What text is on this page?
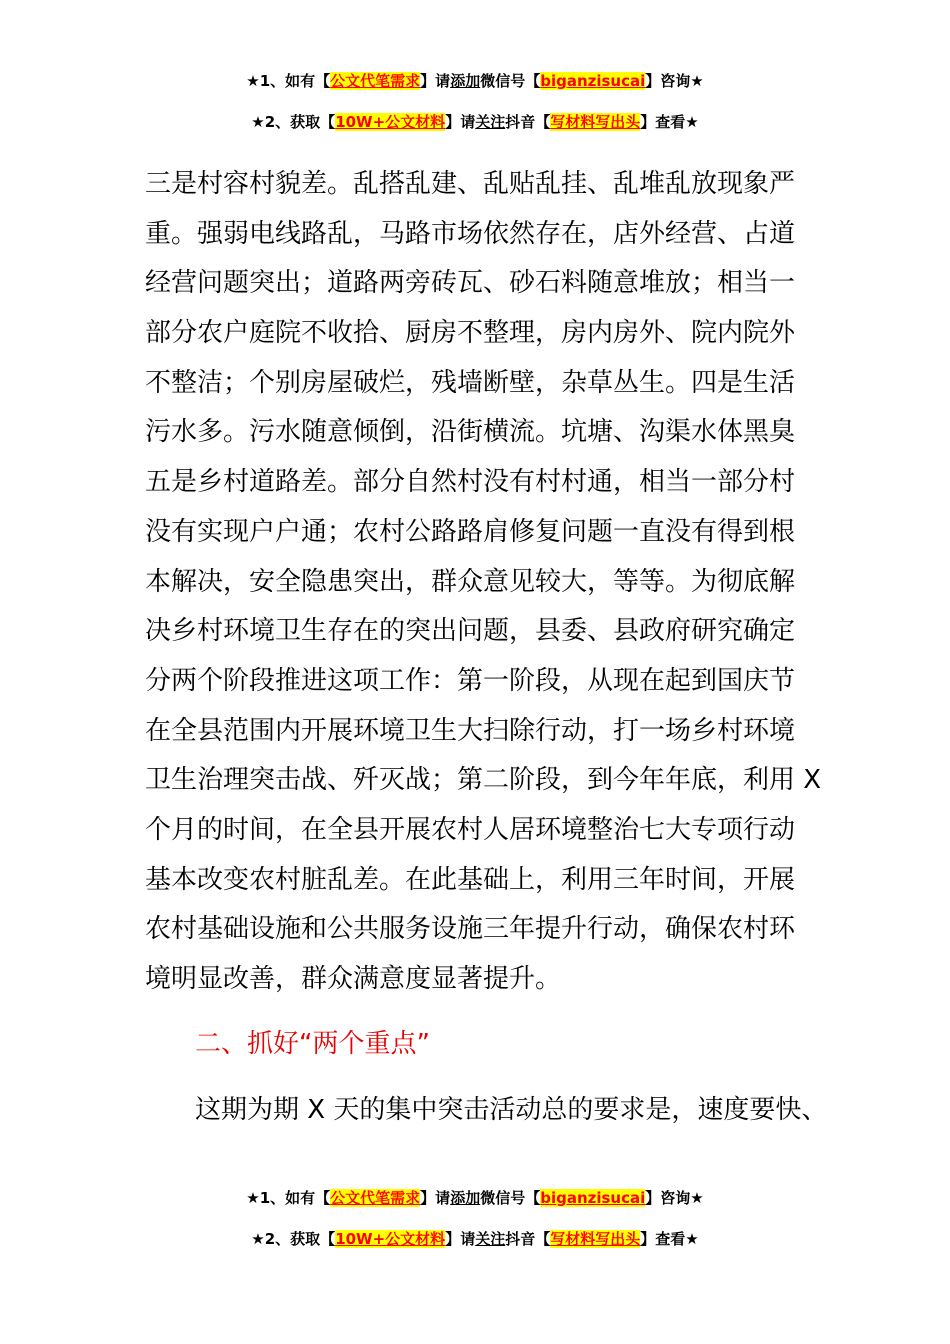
★1、如有【公文代笔需求】请添加微信号【biganzisucai】咨询★
★2、获取【10W+公文材料】请关注抖音【写材料写出头】查看★
三是村容村貌差。乱搭乱建、乱贴乱挂、乱堆乱放现象严
重。强弱电线路乱，马路市场依然存在，店外经营、占道
经营问题突出；道路两旁砖瓦、砂石料随意堆放；相当一
部分农户庭院不收拾、厨房不整理，房内房外、院内院外
不整洁；个别房屋破烂，残墙断壁，杂草丛生。四是生活
污水多。污水随意倾倒，沿街横流。坑塘、沟渠水体黑臭
五是乡村道路差。部分自然村没有村村通，相当一部分村
没有实现户户通；农村公路路肩修复问题一直没有得到根
本解决，安全隐患突出，群众意见较大，等等。为彻底解
决乡村环境卫生存在的突出问题，县委、县政府研究确定
分两个阶段推进这项工作：第一阶段，从现在起到国庆节
在全县范围内开展环境卫生大扫除行动，打一场乡村环境
卫生治理突击战、歼灭战；第二阶段，到今年年底，利用 X
个月的时间，在全县开展农村人居环境整治七大专项行动
基本改变农村脏乱差。在此基础上，利用三年时间，开展
农村基础设施和公共服务设施三年提升行动，确保农村环
境明显改善，群众满意度显著提升。
二、抓好“两个重点”
这期为期 X 天的集中突击活动总的要求是，速度要快、
★1、如有【公文代笔需求】请添加微信号【biganzisucai】咨询★
★2、获取【10W+公文材料】请关注抖音【写材料写出头】查看★
